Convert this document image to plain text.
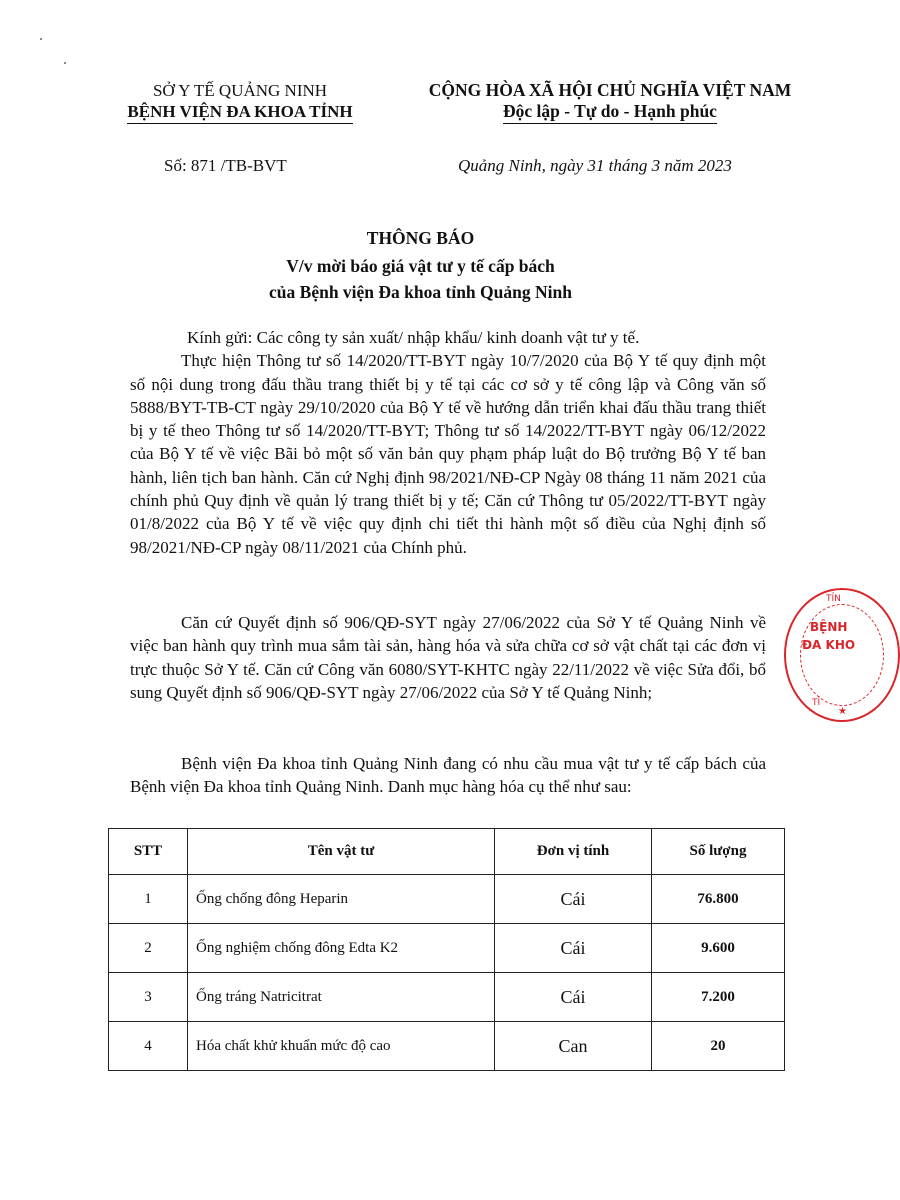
SỞ Y TẾ QUẢNG NINH
BỆNH VIỆN ĐA KHOA TỈNH
CỘNG HÒA XÃ HỘI CHỦ NGHĨA VIỆT NAM
Độc lập - Tự do - Hạnh phúc
Số: 871 /TB-BVT	Quảng Ninh, ngày 31 tháng 3 năm 2023
THÔNG BÁO
V/v mời báo giá vật tư y tế cấp bách
của Bệnh viện Đa khoa tỉnh Quảng Ninh

Kính gửi: Các công ty sản xuất/ nhập khẩu/ kinh doanh vật tư y tế.

Thực hiện Thông tư số 14/2020/TT-BYT ngày 10/7/2020 của Bộ Y tế quy định một số nội dung trong đấu thầu trang thiết bị y tế tại các cơ sở y tế công lập và Công văn số 5888/BYT-TB-CT ngày 29/10/2020 của Bộ Y tế về hướng dẫn triển khai đấu thầu trang thiết bị y tế theo Thông tư số 14/2020/TT-BYT; Thông tư số 14/2022/TT-BYT ngày 06/12/2022 của Bộ Y tế về việc Bãi bỏ một số văn bản quy phạm pháp luật do Bộ trưởng Bộ Y tế ban hành, liên tịch ban hành. Căn cứ Nghị định 98/2021/NĐ-CP Ngày 08 tháng 11 năm 2021 của chính phủ Quy định về quản lý trang thiết bị y tế; Căn cứ Thông tư 05/2022/TT-BYT ngày 01/8/2022 của Bộ Y tế về việc quy định chi tiết thi hành một số điều của Nghị định số 98/2021/NĐ-CP ngày 08/11/2021 của Chính phủ.

Căn cứ Quyết định số 906/QĐ-SYT ngày 27/06/2022 của Sở Y tế Quảng Ninh về việc ban hành quy trình mua sắm tài sản, hàng hóa và sửa chữa cơ sở vật chất tại các đơn vị trực thuộc Sở Y tế. Căn cứ Công văn 6080/SYT-KHTC ngày 22/11/2022 về việc Sửa đổi, bổ sung Quyết định số 906/QĐ-SYT ngày 27/06/2022 của Sở Y tế Quảng Ninh;

Bệnh viện Đa khoa tỉnh Quảng Ninh đang có nhu cầu mua vật tư y tế cấp bách của Bệnh viện Đa khoa tỉnh Quảng Ninh. Danh mục hàng hóa cụ thể như sau:

STT	Tên vật tư	Đơn vị tính	Số lượng
1	Ống chống đông Heparin	Cái	76.800
2	Ống nghiệm chống đông Edta K2	Cái	9.600
3	Ống tráng Natricitrat	Cái	7.200
4	Hóa chất khử khuẩn mức độ cao	Can	20
TỈN
BỆNH
ĐA KHO
TỈ
★
